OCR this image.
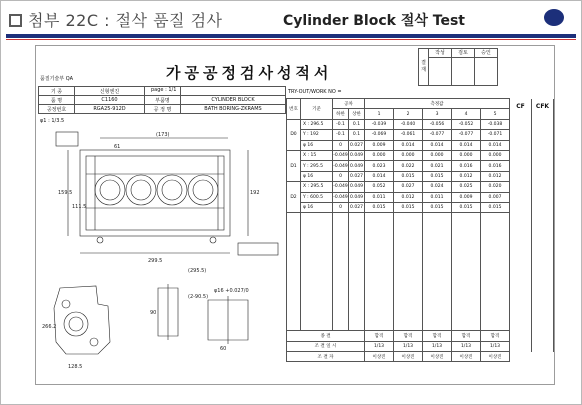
첨부 22C : 절삭 품질 검사	Cylinder Block 절삭 Test

가공공정검사성적서
결
재	작성	검토	승인

품질기술부 QA
page : 1/1	TRY-OUT/WORK NO =
기 종	신형엔진		
품 명	C1160	부품명	CYLINDER BLOCK
공정번호	RGA25-912D	공 정 명	BATH BORING-ZKRAMS
φ1 : 1/3.5
(173)
61
159.5
111.5
192
299.5
(295.5)
(2-90.5)
φ16 +0.027/0
266.2
128.5
90
60
번호	기준	공차		측정값					CF	CFK
		하한	상한	1	2	3	4	5		
D0	X : 296.5	-0.1	0.1	-0.039	-0.040	-0.056	-0.052	-0.038		
	Y : 192	-0.1	0.1	-0.069	-0.061	-0.077	-0.077	-0.071		
	φ 16	0	0.027	0.009	0.014	0.014	0.014	0.014		
D1	X : 15	-0.049	0.049	0.000	0.000	0.000	0.000	0.000		
	Y : 295.5	-0.049	0.049	0.023	0.022	0.021	0.016	0.016		
	φ 16	0	0.027	0.014	0.015	0.015	0.012	0.012		
D2	X : 295.5	-0.049	0.049	0.052	0.027	0.024	0.025	0.020		
	Y : 600.5	-0.049	0.049	0.011	0.012	0.011	0.009	0.007		
	φ 16	0	0.027	0.015	0.015	0.015	0.015	0.015		

종 결				합격	합격	합격	합격	합격		
조 결 일 시				1/13	1/13	1/13	1/13	1/13		
조 결 자				이상진	이상진	이상진	이상진	이상진		
